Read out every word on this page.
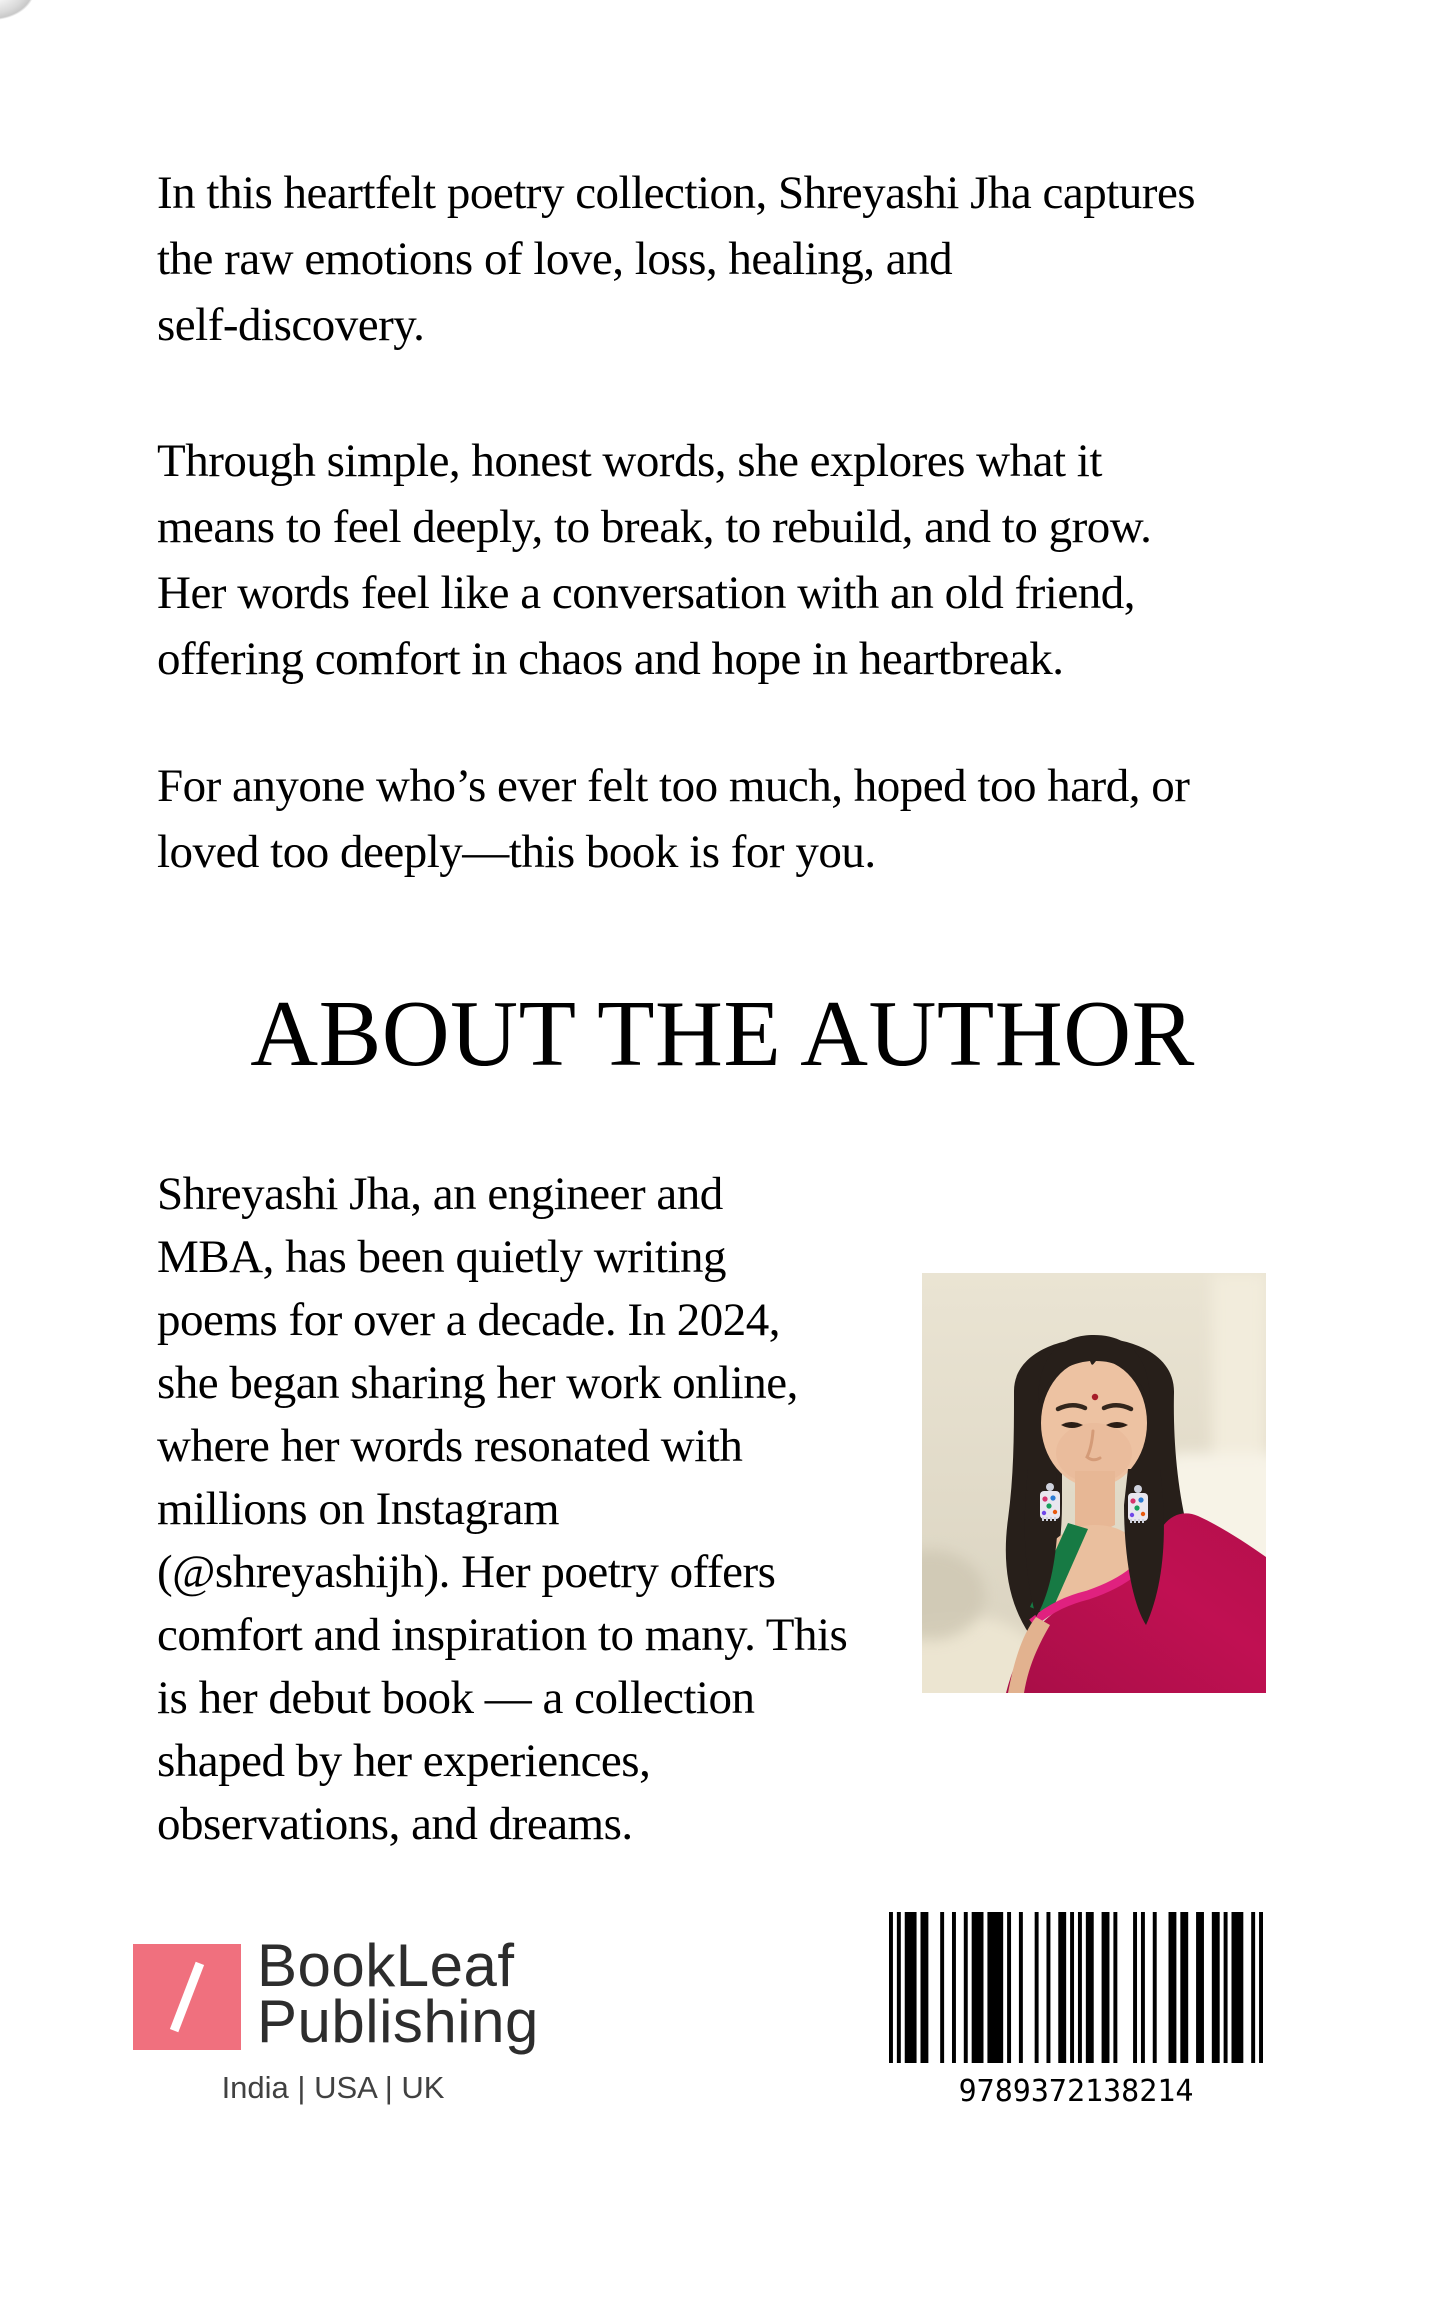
In this heartfelt poetry collection, Shreyashi Jha captures
the raw emotions of love, loss, healing, and
self-discovery.

Through simple, honest words, she explores what it
means to feel deeply, to break, to rebuild, and to grow.
Her words feel like a conversation with an old friend,
offering comfort in chaos and hope in heartbreak.

For anyone who’s ever felt too much, hoped too hard, or
loved too deeply—this book is for you.

ABOUT THE AUTHOR
Shreyashi Jha, an engineer and
MBA, has been quietly writing
poems for over a decade. In 2024,
she began sharing her work online,
where her words resonated with
millions on Instagram
(@shreyashijh). Her poetry offers
comfort and inspiration to many. This
is her debut book — a collection
shaped by her experiences,
observations, and dreams.
BookLeaf
Publishing
India | USA | UK	9789372138214
